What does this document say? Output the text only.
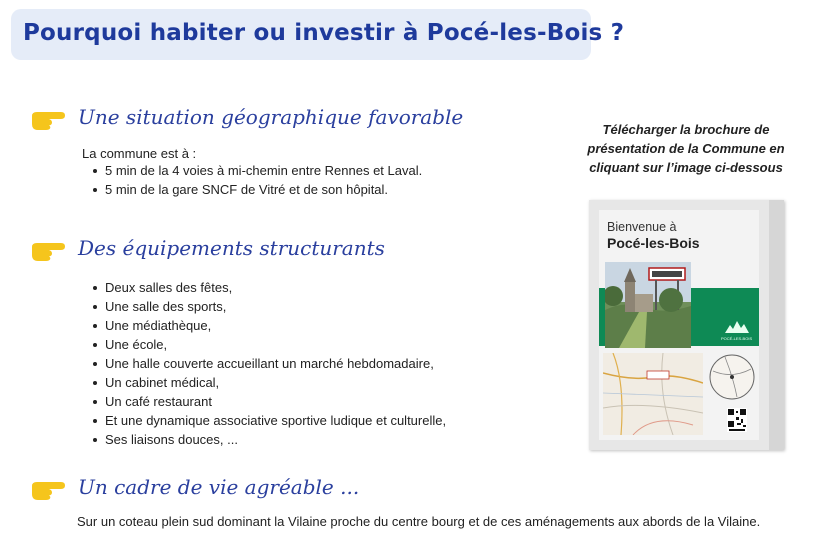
Pourquoi habiter ou investir à Pocé-les-Bois ?
Une situation géographique favorable
La commune est à :
5 min de la 4 voies à mi-chemin entre Rennes et Laval.
5 min de la gare SNCF de Vitré et de son hôpital.
Des équipements structurants
Deux salles des fêtes,
Une salle des sports,
Une médiathèque,
Une école,
Une halle couverte accueillant un marché hebdomadaire,
Un cabinet médical,
Un café restaurant
Et une dynamique associative sportive ludique et culturelle,
Ses liaisons douces, ...
Un cadre de vie agréable ...
Sur un coteau plein sud dominant la Vilaine proche du centre bourg et de ces aménagements aux abords de la Vilaine.
Télécharger la brochure de
présentation de la Commune en
cliquant sur l’image ci-dessous
Bienvenue à
Pocé-les-Bois
POCÉ-LES-BOIS
